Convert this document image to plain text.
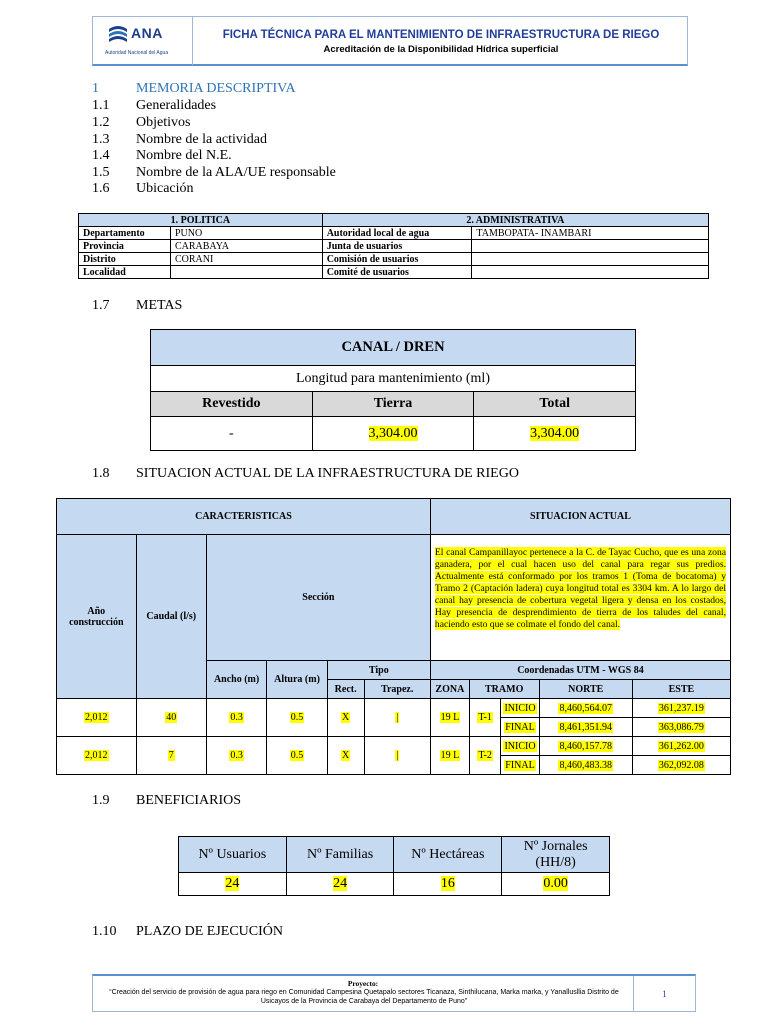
ANA
Autoridad Nacional del Agua
FICHA TÉCNICA PARA EL MANTENIMIENTO DE INFRAESTRUCTURA DE RIEGO
Acreditación de la Disponibilidad Hídrica superficial
1	MEMORIA DESCRIPTIVA
1.1 Generalidades
1.2 Objetivos
1.3 Nombre de la actividad
1.4 Nombre del N.E.
1.5 Nombre de la ALA/UE responsable
1.6 Ubicación
1. POLITICA		2. ADMINISTRATIVA	
Departamento	PUNO	Autoridad local de agua	TAMBOPATA- INAMBARI
Provincia	CARABAYA	Junta de usuarios	
Distrito	CORANI	Comisión de usuarios	
Localidad		Comité de usuarios	
1.7 METAS
CANAL / DREN		
Longitud para mantenimiento (ml)		
Revestido	Tierra	Total
-	3,304.00	3,304.00
1.8 SITUACION ACTUAL DE LA INFRAESTRUCTURA DE RIEGO
CARACTERISTICAS						SITUACION ACTUAL				
Año construcción	Caudal (l/s)	Sección				El canal Campanillayoc pertenece a la C. de Tayac Cucho, que es una zona ganadera, por el cual hacen uso del canal para regar sus predios. Actualmente está conformado por los tramos 1 (Toma de bocatoma) y Tramo 2 (Captación ladera) cuya longitud total es 3304 km. A lo largo del canal hay presencia de cobertura vegetal ligera y densa en los costados, Hay presencia de desprendimiento de tierra de los taludes del canal, haciendo esto que se colmate el fondo del canal.				
		Ancho (m)	Altura (m)	Tipo		Coordenadas UTM - WGS 84				
				Rect.	Trapez.	ZONA	TRAMO		NORTE	ESTE
2,012	40	0.3	0.5	X	|	19 L	T-1	INICIO	8,460,564.07	361,237.19
								FINAL	8,461,351.94	363,086.79
2,012	7	0.3	0.5	X	|	19 L	T-2	INICIO	8,460,157.78	361,262.00
								FINAL	8,460,483.38	362,092.08
1.9 BENEFICIARIOS
Nº Usuarios	Nº Familias	Nº Hectáreas	Nº Jornales (HH/8)
24	24	16	0.00
1.10 PLAZO DE EJECUCIÓN
Proyecto:
“Creación del servicio de provisión de agua para riego en Comunidad Campesina Quetapalo sectores Ticanaza, Sinthilucana, Marka marka, y Yanallusllia Distrito de Usicayos de la Provincia de Carabaya del Departamento de Puno”
1
